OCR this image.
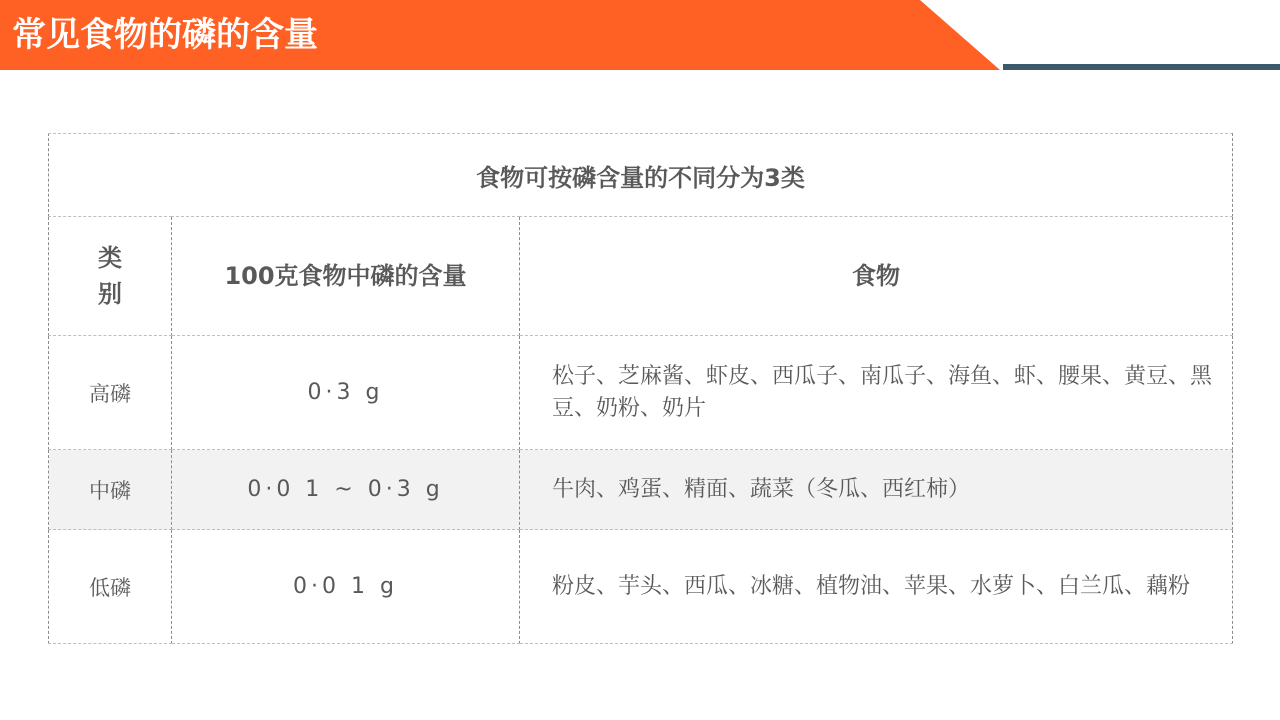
常见食物的磷的含量
食物可按磷含量的不同分为3类		
类别	100克食物中磷的含量	食物
高磷	0·3 g	松子、芝麻酱、虾皮、西瓜子、南瓜子、海鱼、虾、腰果、黄豆、黑豆、奶粉、奶片
中磷	0·0 1 ~ 0·3 g	牛肉、鸡蛋、精面、蔬菜（冬瓜、西红柿）
低磷	0·0 1 g	粉皮、芋头、西瓜、冰糖、植物油、苹果、水萝卜、白兰瓜、藕粉
